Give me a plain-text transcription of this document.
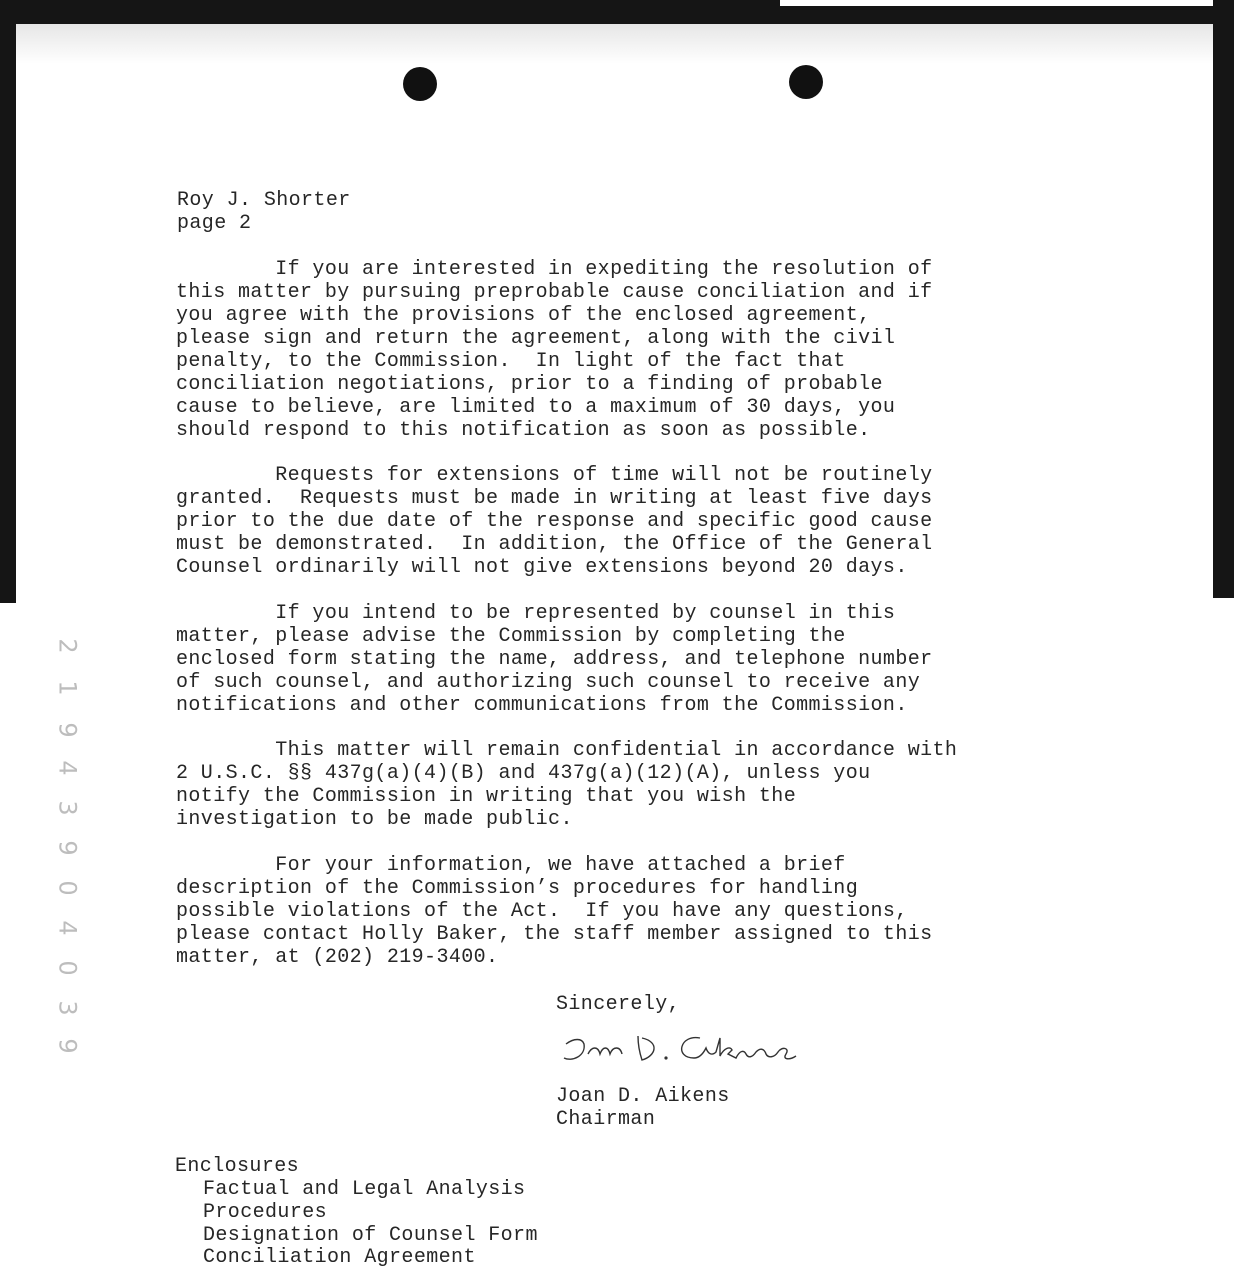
Roy J. Shorter
page 2

If you are interested in expediting the resolution of
this matter by pursuing preprobable cause conciliation and if
you agree with the provisions of the enclosed agreement,
please sign and return the agreement, along with the civil
penalty, to the Commission.  In light of the fact that
conciliation negotiations, prior to a finding of probable
cause to believe, are limited to a maximum of 30 days, you
should respond to this notification as soon as possible.

Requests for extensions of time will not be routinely
granted.  Requests must be made in writing at least five days
prior to the due date of the response and specific good cause
must be demonstrated.  In addition, the Office of the General
Counsel ordinarily will not give extensions beyond 20 days.

If you intend to be represented by counsel in this
matter, please advise the Commission by completing the
enclosed form stating the name, address, and telephone number
of such counsel, and authorizing such counsel to receive any
notifications and other communications from the Commission.

This matter will remain confidential in accordance with
2 U.S.C. §§ 437g(a)(4)(B) and 437g(a)(12)(A), unless you
notify the Commission in writing that you wish the
investigation to be made public.

For your information, we have attached a brief
description of the Commission’s procedures for handling
possible violations of the Act.  If you have any questions,
please contact Holly Baker, the staff member assigned to this
matter, at (202) 219-3400.

Sincerely,
Joan D. Aikens
Chairman
Enclosures
Factual and Legal Analysis
Procedures
Designation of Counsel Form
Conciliation Agreement
2
1
9
4
3
9
0
4
0
3
9
